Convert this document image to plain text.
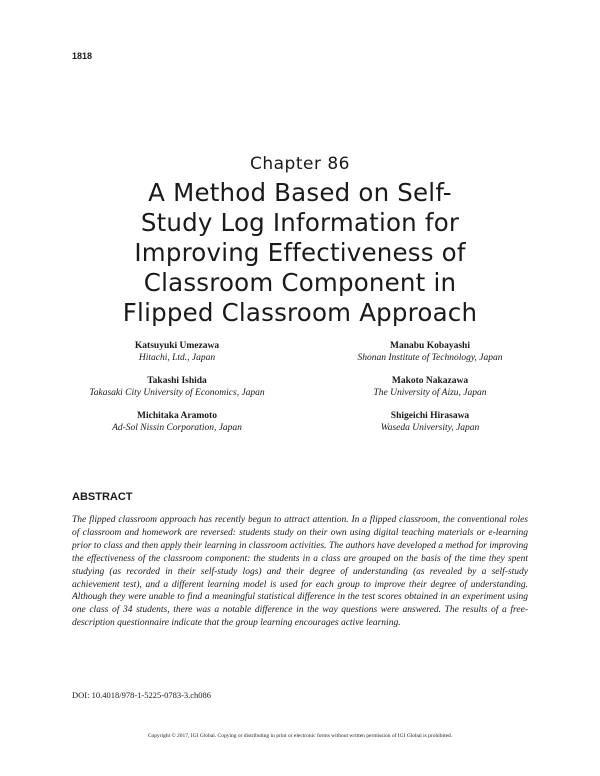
1818
Chapter 86
A Method Based on Self-
Study Log Information for
Improving Effectiveness of
Classroom Component in
Flipped Classroom Approach
Katsuyuki Umezawa
Hitachi, Ltd., Japan
Manabu Kobayashi
Shonan Institute of Technology, Japan
Takashi Ishida
Takasaki City University of Economics, Japan
Makoto Nakazawa
The University of Aizu, Japan
Michitaka Aramoto
Ad-Sol Nissin Corporation, Japan
Shigeichi Hirasawa
Waseda University, Japan
ABSTRACT
The flipped classroom approach has recently begun to attract attention. In a flipped classroom, the conventional roles of classroom and homework are reversed: students study on their own using digital teaching materials or e-learning prior to class and then apply their learning in classroom activities. The authors have developed a method for improving the effectiveness of the classroom component: the students in a class are grouped on the basis of the time they spent studying (as recorded in their self-study logs) and their degree of understanding (as revealed by a self-study achievement test), and a different learning model is used for each group to improve their degree of understanding. Although they were unable to find a meaningful statistical difference in the test scores obtained in an experiment using one class of 34 students, there was a notable difference in the way questions were answered. The results of a free-description questionnaire indicate that the group learning encourages active learning.
DOI: 10.4018/978-1-5225-0783-3.ch086
Copyright © 2017, IGI Global. Copying or distributing in print or electronic forms without written permission of IGI Global is prohibited.
